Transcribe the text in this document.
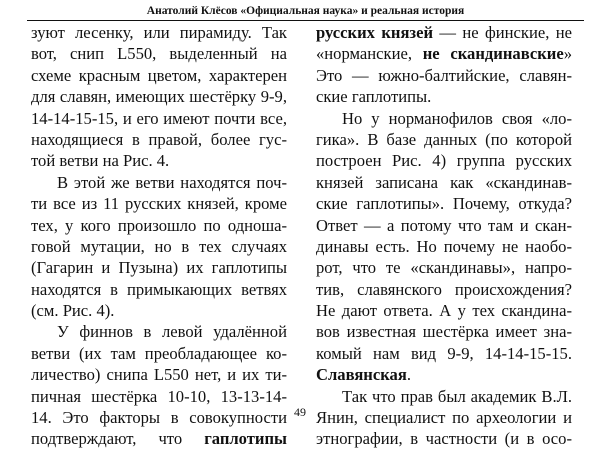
Анатолий Клёсов «Официальная наука» и реальная история
зуют лесенку, или пирамиду. Так
вот, снип L550, выделенный на
схеме красным цветом, характерен
для славян, имеющих шестёрку 9-9,
14-14-15-15, и его имеют почти все,
находящиеся в правой, более гус-
той ветви на Рис. 4.
В этой же ветви находятся поч-
ти все из 11 русских князей, кроме
тех, у кого произошло по одноша-
говой мутации, но в тех случаях
(Гагарин и Пузына) их гаплотипы
находятся в примыкающих ветвях
(см. Рис. 4).
У финнов в левой удалённой
ветви (их там преобладающее ко-
личество) снипа L550 нет, и их ти-
пичная шестёрка 10-10, 13-13-14-
14. Это факторы в совокупности
подтверждают, что гаплотипы
русских князей — не финские, не
«норманские, не скандинавские»
Это — южно-балтийские, славян-
ские гаплотипы.
Но у норманофилов своя «ло-
гика». В базе данных (по которой
построен Рис. 4) группа русских
князей записана как «скандинав-
ские гаплотипы». Почему, откуда?
Ответ — а потому что там и скан-
динавы есть. Но почему не наобо-
рот, что те «скандинавы», напро-
тив, славянского происхождения?
Не дают ответа. А у тех скандина-
вов известная шестёрка имеет зна-
комый нам вид 9-9, 14-14-15-15.
Славянская.
Так что прав был академик В.Л.
Янин, специалист по археологии и
этнографии, в частности (и в осо-
49
